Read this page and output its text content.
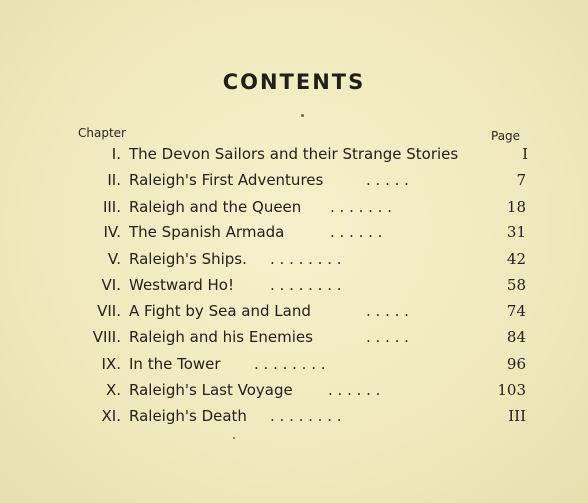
CONTENTS
Chapter	Page
I. The Devon Sailors and their Strange Stories	I
II. Raleigh's First Adventures	. . . . .	7
III. Raleigh and the Queen . . . . . . .	18
IV. The Spanish Armada	. . . . . .	31
V. Raleigh's Ships. . . . . . . . .	42
VI. Westward Ho! . . . . . . . .	58
VII. A Fight by Sea and Land	. . . . .	74
VIII. Raleigh and his Enemies	. . . . .	84
IX. In the Tower . . . . . . . .	96
X. Raleigh's Last Voyage . . . . . .	103
XI. Raleigh's Death . . . . . . . .	III
